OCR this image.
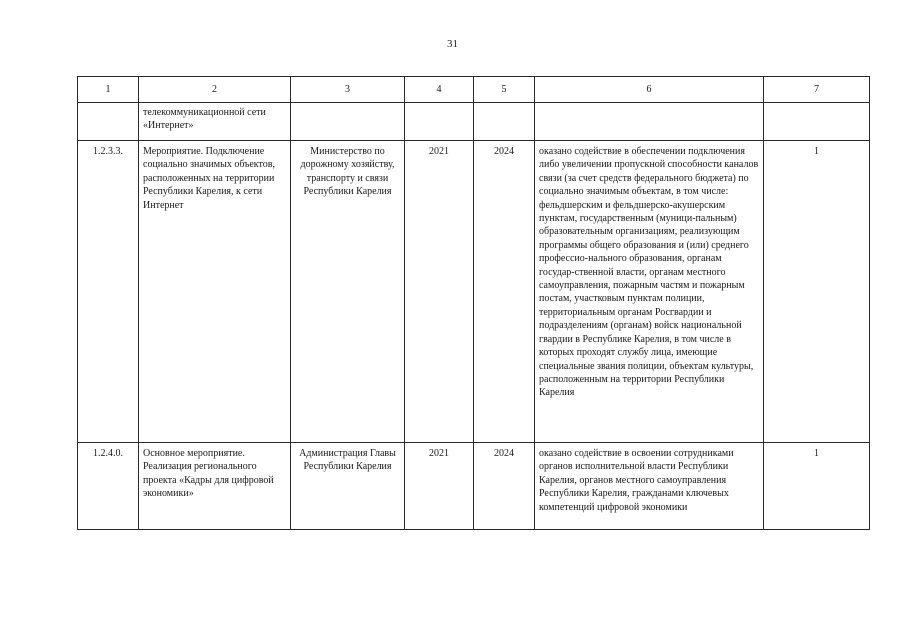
31
1	2	3	4	5	6	7
	телекоммуникационной сети «Интернет»					
1.2.3.3.	Мероприятие. Подключение социально значимых объектов, расположенных на территории Республики Карелия, к сети Интернет	Министерство по дорожному хозяйству, транспорту и связи Республики Карелия	2021	2024	оказано содействие в обеспечении подключения либо увеличении пропускной способности каналов связи (за счет средств федерального бюджета) по социально значимым объектам, в том числе: фельдшерским и фельдшерско-акушерским пунктам, государственным (муници-пальным) образовательным организациям, реализующим программы общего образования и (или) среднего профессио-нального образования, органам государ-ственной власти, органам местного самоуправления, пожарным частям и пожарным постам, участковым пунктам полиции, территориальным органам Росгвардии и подразделениям (органам) войск национальной гвардии в Республике Карелия, в том числе в которых проходят службу лица, имеющие специальные звания полиции, объектам культуры, расположенным на территории Республики Карелия	1
1.2.4.0.	Основное мероприятие. Реализация регионального проекта «Кадры для цифровой экономики»	Администрация Главы Республики Карелия	2021	2024	оказано содействие в освоении сотрудниками органов исполнительной власти Республики Карелия, органов местного самоуправления Республики Карелия, гражданами ключевых компетенций цифровой экономики	1
